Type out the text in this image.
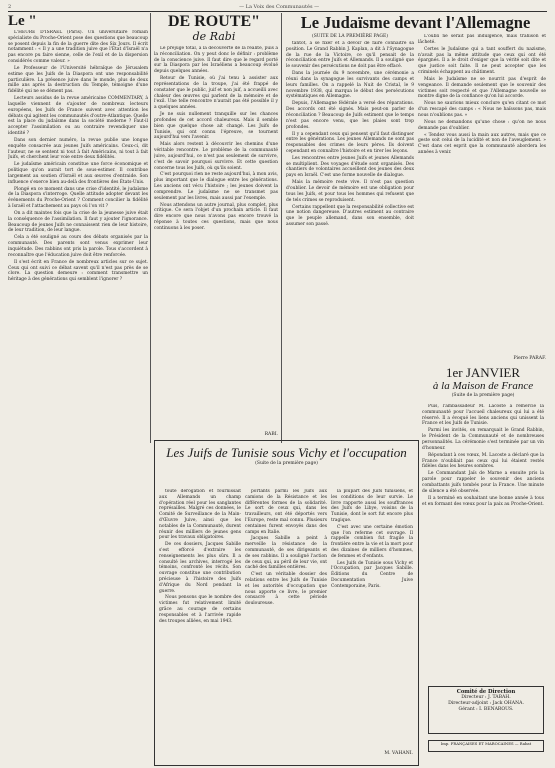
2	— La Voix des Communautés —
Le "	DE ROUTE"
de Rabi

L'HEURE D'ISRAEL (Paris). Un universitaire romain spécialiste du Proche-Orient pose des questions que beaucoup se posent depuis la fin de la guerre dite des Six Jours. Il écrit notamment : « Il y a une tradition juive que l'État d'Israël n'a pas encore pu faire sienne, celle de l'exil et de la dispersion considérés comme valeur. »

Le Professeur de l'Université hébraïque de Jérusalem estime que les Juifs de la Diaspora ont une responsabilité particulière. La présence juive dans le monde, plus de deux mille ans après la destruction du Temple, témoigne d'une fidélité qui ne se dément pas.

Lecteurs assidus de la revue américaine COMMENTARY, à laquelle viennent de s'ajouter de nombreux lecteurs européens, les Juifs de France suivent avec attention les débats qui agitent les communautés d'outre-Atlantique. Quelle est la place du judaïsme dans la société moderne ? Faut-il accepter l'assimilation ou au contraire revendiquer une identité ?

Dans son dernier numéro, la revue publie une longue enquête consacrée aux jeunes Juifs américains. Ceux-ci, dit l'auteur, ne se sentent ni tout à fait Américains, ni tout à fait Juifs, et cherchent leur voie entre deux fidélités.

Le judaïsme américain constitue une force économique et politique qu'on aurait tort de sous-estimer. Il contribue largement au soutien d'Israël et aux œuvres d'entraide. Son influence s'exerce bien au-delà des frontières des États-Unis.

Plongé en ce moment dans une crise d'identité, le judaïsme de la Diaspora s'interroge. Quelle attitude adopter devant les événements du Proche-Orient ? Comment concilier la fidélité à Israël et l'attachement au pays où l'on vit ?

On a dit maintes fois que la crise de la jeunesse juive était la conséquence de l'assimilation. Il faut y ajouter l'ignorance. Beaucoup de jeunes Juifs ne connaissent rien de leur histoire, de leur tradition, de leur langue.

Cela a été souligné au cours des débats organisés par la communauté. Des parents sont venus exprimer leur inquiétude. Des rabbins ont pris la parole. Tous s'accordent à reconnaître que l'éducation juive doit être renforcée.

Il s'est écrit en France de nombreux articles sur ce sujet. Ceux qui ont suivi ce débat savent qu'il n'est pas près de se clore. La question demeure : comment transmettre un héritage à des générations qui semblent l'ignorer ?

Le préjugé total, à la découverte de la réalité, puis à la réconciliation. On y peut donc le définir : problème de la conscience juive. Il faut dire que le regard porté sur la Diaspora par les Israéliens a beaucoup évolué depuis quelques années.

Retour de Tunisie, où j'ai tenu à assister aux représentations de la troupe, j'ai été frappé de constater que le public, juif et non juif, a accueilli avec chaleur des œuvres qui parlent de la mémoire et de l'exil. Une telle rencontre n'aurait pas été possible il y a quelques années.

Je ne suis nullement tranquille sur les chances profondes de cet accord chaleureux. Mais il semble bien que quelque chose ait changé. Les Juifs de Tunisie, qui ont connu l'épreuve, se tournent aujourd'hui vers l'avenir.

Mais alors restent à découvrir les chemins d'une véritable rencontre. Le problème de la communauté juive, aujourd'hui, ce n'est pas seulement de survivre, c'est de savoir pourquoi survivre. Et cette question concerne tous les Juifs, où qu'ils soient.

C'est pourquoi rien ne reste aujourd'hui, à mon avis, plus important que le dialogue entre les générations. Les anciens ont vécu l'histoire ; les jeunes doivent la comprendre. Le judaïsme ne se transmet pas seulement par les livres, mais aussi par l'exemple.

Nous attendons un autre journal, plus complet, plus critique. Ce sera l'objet d'un prochain article. Il faut dire encore que nous n'avons pas encore trouvé la réponse à toutes ces questions, mais que nous continuons à les poser.

RABI.
Le Judaïsme devant l'Allemagne
(SUITE DE LA PREMIÈRE PAGE)

tantôt, à se fixer et à devoir de faire connaître sa position. Le Grand Rabbin J. Kaplan, a dit à l'Synagogue de la rue de la Victoire, ce qu'il pensait de la réconciliation entre Juifs et Allemands. Il a souligné que le souvenir des persécutions ne doit pas être effacé.

Dans la journée du 9 novembre, une cérémonie a réuni dans la synagogue les survivants des camps et leurs familles. On a rappelé la Nuit de Cristal, le 9 novembre 1938, qui marqua le début des persécutions systématiques en Allemagne.

Depuis, l'Allemagne fédérale a versé des réparations. Des accords ont été signés. Mais peut-on parler de réconciliation ? Beaucoup de Juifs estiment que le temps n'est pas encore venu, que les plaies sont trop profondes.

Il y a cependant ceux qui pensent qu'il faut distinguer entre les générations. Les jeunes Allemands ne sont pas responsables des crimes de leurs pères. Ils doivent cependant en connaître l'histoire et en tirer les leçons.

Les rencontres entre jeunes Juifs et jeunes Allemands se multiplient. Des voyages d'étude sont organisés. Des chantiers de volontaires accueillent des jeunes des deux pays en Israël. C'est une forme nouvelle de dialogue.

Mais la mémoire reste vive. Il n'est pas question d'oublier. Le devoir de mémoire est une obligation pour tous les Juifs, et pour tous les hommes qui refusent que de tels crimes se reproduisent.

Certains rappellent que la responsabilité collective est une notion dangereuse. D'autres estiment au contraire que le peuple allemand, dans son ensemble, doit assumer son passé.

L'oubli ne serait pas indulgence, mais trahison et lâcheté.

Certes le Judaïsme qui a tant souffert du nazisme, n'avait pas la même attitude que ceux qui ont été épargnés. Il a le droit d'exiger que la vérité soit dite et que justice soit faite. Il ne peut accepter que les criminels échappent au châtiment.

Mais le Judaïsme ne se nourrit pas d'esprit de vengeance. Il demande seulement que le souvenir des victimes soit respecté et que l'Allemagne nouvelle se montre digne de la confiance qu'on lui accorde.

Nous ne saurions mieux conclure qu'en citant ce mot d'un rescapé des camps : « Nous ne haïssons pas, mais nous n'oublions pas. »

Nous ne demandons qu'une chose : qu'on ne nous demande pas d'oublier.

« Tendez vous aussi la main aux autres, mais que ce geste soit celui de la lucidité et non de l'aveuglement. » C'est dans cet esprit que la communauté abordera les années à venir.

Pierre PARAF.
Les Juifs de Tunisie sous Vichy et l'occupation
(Suite de la première page)

toute dérogation et fournissait aux Allemands un champ d'opération réel pour les sanglantes représailles. Malgré ces données, le Comité de Surveillance de la Main-d'Œuvre Juive, ainsi que les notables de la Communauté, durent réunir des milliers de jeunes gens pour les travaux obligatoires.

De ces dossiers, Jacques Sabille s'est efforcé d'extraire les renseignements les plus sûrs. Il a consulté les archives, interrogé les témoins, confronté les récits. Son ouvrage constitue une contribution précieuse à l'histoire des Juifs d'Afrique du Nord pendant la guerre.

Nous pensons que le nombre des victimes fut relativement limité grâce au courage de certains responsables et à l'arrivée rapide des troupes alliées, en mai 1943.

portants parmi les Juifs aux camions de la Résistance et les différentes formes de la solidarité. Le sort de ceux qui, dans les travailleurs, ont été déportés vers l'Europe, reste mal connu. Plusieurs centaines furent envoyés dans des camps en Italie.

Jacques Sabille a peint à merveille la résistance de la communauté, de ses dirigeants et de ses rabbins. Il a souligné l'action de ceux qui, au péril de leur vie, ont caché des familles entières.

C'est un véritable dossier des relations entre les Juifs de Tunisie et les autorités d'occupation que nous apporte ce livre, le premier consacré à cette période douloureuse.

la plupart des Juifs tunisiens, et les conditions de leur survie. Le livre rapporte aussi les souffrances des Juifs de Libye, voisins de la Tunisie, dont le sort fut encore plus tragique.

C'est avec une certaine émotion que l'on referme cet ouvrage. Il rappelle combien fut fragile la frontière entre la vie et la mort pour des dizaines de milliers d'hommes, de femmes et d'enfants.

Les Juifs de Tunisie sous Vichy et l'Occupation, par Jacques Sabille. Éditions du Centre de Documentation Juive Contemporaine, Paris.

M. VAHANI.
1er JANVIER
à la Maison de France
(Suite de la première page)

Puis, l'ambassadeur M. Lacoste a remercié la communauté pour l'accueil chaleureux qui lui a été réservé. Il a évoqué les liens anciens qui unissent la France et les Juifs de Tunisie.

Parmi les invités, on remarquait le Grand Rabbin, le Président de la Communauté et de nombreuses personnalités. La cérémonie s'est terminée par un vin d'honneur.

Répondant à ces vœux, M. Lacoste a déclaré que la France n'oubliait pas ceux qui lui étaient restés fidèles dans les heures sombres.

Le Commandant Jaïs de Marne a ensuite pris la parole pour rappeler le souvenir des anciens combattants juifs tombés pour la France. Une minute de silence a été observée.

Il a terminé en souhaitant une bonne année à tous et en formant des vœux pour la paix au Proche-Orient.

Comité de Direction
Directeur : J. TABAH.
Directeur-adjoint : Jack OHANA.
Gérant : I. BENAROUS.
Imp. FRANÇAISES ET MAROCAINES — Rabat
